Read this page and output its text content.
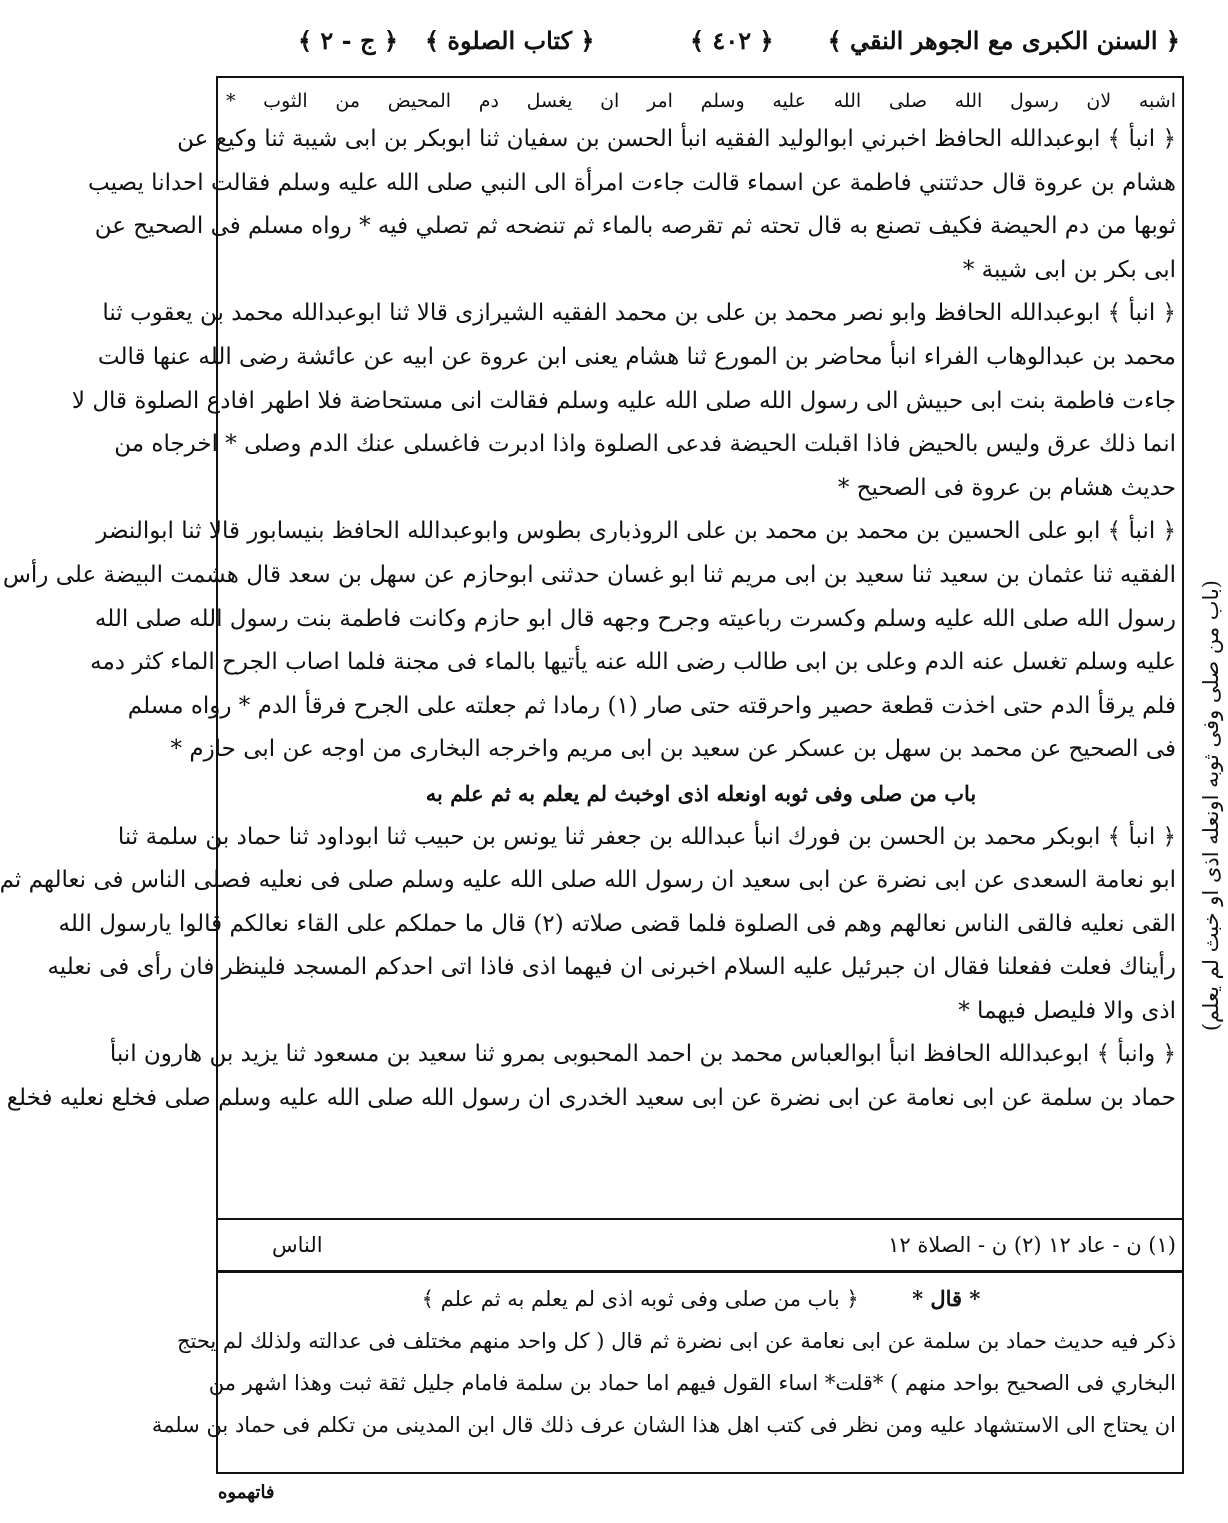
﴿ السنن الكبرى مع الجوهر النقي ﴾
﴿ ٤٠٢ ﴾
﴿ كتاب الصلوة ﴾
﴿ ج - ٢ ﴾
اشبه لان رسول الله صلى الله عليه وسلم امر ان يغسل دم المحيض من الثوب *
﴿ انبأ ﴾ ابوعبدالله الحافظ اخبرني ابوالوليد الفقيه انبأ الحسن بن سفيان ثنا ابوبكر بن ابى شيبة ثنا وكيع عن
هشام بن عروة قال حدثتني فاطمة عن اسماء قالت جاءت امرأة الى النبي صلى الله عليه وسلم فقالت احدانا يصيب
ثوبها من دم الحيضة فكيف تصنع به قال تحته ثم تقرصه بالماء ثم تنضحه ثم تصلي فيه * رواه مسلم فى الصحيح عن
ابى بكر بن ابى شيبة *
﴿ انبأ ﴾ ابوعبدالله الحافظ وابو نصر محمد بن على بن محمد الفقيه الشيرازى قالا ثنا ابوعبدالله محمد بن يعقوب ثنا
محمد بن عبدالوهاب الفراء انبأ محاضر بن المورع ثنا هشام يعنى ابن عروة عن ابيه عن عائشة رضى الله عنها قالت
جاءت فاطمة بنت ابى حبيش الى رسول الله صلى الله عليه وسلم فقالت انى مستحاضة فلا اطهر افادع الصلوة قال لا
انما ذلك عرق وليس بالحيض فاذا اقبلت الحيضة فدعى الصلوة واذا ادبرت فاغسلى عنك الدم وصلى * اخرجاه من
حديث هشام بن عروة فى الصحيح *
﴿ انبأ ﴾ ابو على الحسين بن محمد بن محمد بن على الروذبارى بطوس وابوعبدالله الحافظ بنيسابور قالا ثنا ابوالنضر
الفقيه ثنا عثمان بن سعيد ثنا سعيد بن ابى مريم ثنا ابو غسان حدثنى ابوحازم عن سهل بن سعد قال هشمت البيضة على رأس
رسول الله صلى الله عليه وسلم وكسرت رباعيته وجرح وجهه قال ابو حازم وكانت فاطمة بنت رسول الله صلى الله
عليه وسلم تغسل عنه الدم وعلى بن ابى طالب رضى الله عنه يأتيها بالماء فى مجنة فلما اصاب الجرح الماء كثر دمه
فلم يرقأ الدم حتى اخذت قطعة حصير واحرقته حتى صار (١) رمادا ثم جعلته على الجرح فرقأ الدم * رواه مسلم
فى الصحيح عن محمد بن سهل بن عسكر عن سعيد بن ابى مريم واخرجه البخارى من اوجه عن ابى حازم *
باب من صلى وفى ثوبه اونعله اذى اوخبث لم يعلم به ثم علم به
﴿ انبأ ﴾ ابوبكر محمد بن الحسن بن فورك انبأ عبدالله بن جعفر ثنا يونس بن حبيب ثنا ابوداود ثنا حماد بن سلمة ثنا
ابو نعامة السعدى عن ابى نضرة عن ابى سعيد ان رسول الله صلى الله عليه وسلم صلى فى نعليه فصلى الناس فى نعالهم ثم
القى نعليه فالقى الناس نعالهم وهم فى الصلوة فلما قضى صلاته (٢) قال ما حملكم على القاء نعالكم قالوا يارسول الله
رأيناك فعلت ففعلنا فقال ان جبرئيل عليه السلام اخبرنى ان فيهما اذى فاذا اتى احدكم المسجد فلينظر فان رأى فى نعليه
اذى والا فليصل فيهما *
﴿ وانبأ ﴾ ابوعبدالله الحافظ انبأ ابوالعباس محمد بن احمد المحبوبى بمرو ثنا سعيد بن مسعود ثنا يزيد بن هارون انبأ
حماد بن سلمة عن ابى نعامة عن ابى نضرة عن ابى سعيد الخدرى ان رسول الله صلى الله عليه وسلم صلى فخلع نعليه فخلع
(١) ن - عاد ١٢ (٢) ن - الصلاة ١٢
الناس
* قال *        ﴿ باب من صلى وفى ثوبه اذى لم يعلم به ثم علم ﴾
ذكر فيه حديث حماد بن سلمة عن ابى نعامة عن ابى نضرة ثم قال ( كل واحد منهم مختلف فى عدالته ولذلك لم يحتج
البخاري فى الصحيح بواحد منهم ) *قلت* اساء القول فيهم اما حماد بن سلمة فامام جليل ثقة ثبت وهذا اشهر من
ان يحتاج الى الاستشهاد عليه ومن نظر فى كتب اهل هذا الشان عرف ذلك قال ابن المدينى من تكلم فى حماد بن سلمة
(باب من صلى وفى ثوبه اونعله اذى او خبث لم يعلم)
فاتهموه
